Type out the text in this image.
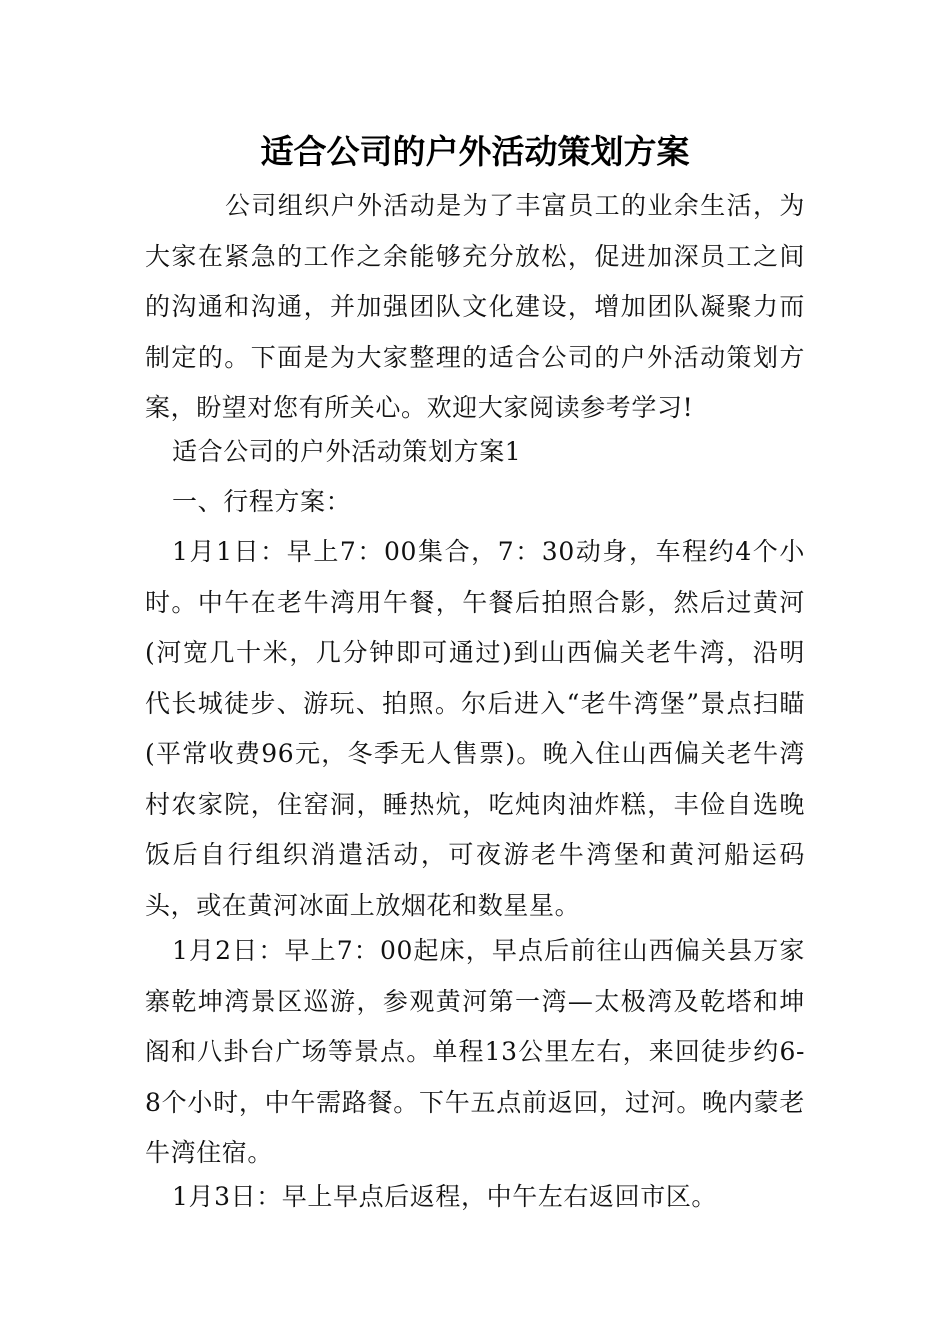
适合公司的户外活动策划方案

公司组织户外活动是为了丰富员工的业余生活，为大家在紧急的工作之余能够充分放松，促进加深员工之间的沟通和沟通，并加强团队文化建设，增加团队凝聚力而制定的。下面是为大家整理的适合公司的户外活动策划方案，盼望对您有所关心。欢迎大家阅读参考学习!

适合公司的户外活动策划方案1

一、行程方案：

1月1日：早上7：00集合，7：30动身，车程约4个小时。中午在老牛湾用午餐，午餐后拍照合影，然后过黄河(河宽几十米，几分钟即可通过)到山西偏关老牛湾，沿明代长城徒步、游玩、拍照。尔后进入“老牛湾堡”景点扫瞄(平常收费96元，冬季无人售票)。晚入住山西偏关老牛湾村农家院，住窑洞，睡热炕，吃炖肉油炸糕，丰俭自选晚饭后自行组织消遣活动，可夜游老牛湾堡和黄河船运码头，或在黄河冰面上放烟花和数星星。

1月2日：早上7：00起床，早点后前往山西偏关县万家寨乾坤湾景区巡游，参观黄河第一湾—太极湾及乾塔和坤阁和八卦台广场等景点。单程13公里左右，来回徒步约6-8个小时，中午需路餐。下午五点前返回，过河。晚内蒙老牛湾住宿。

1月3日：早上早点后返程，中午左右返回市区。
